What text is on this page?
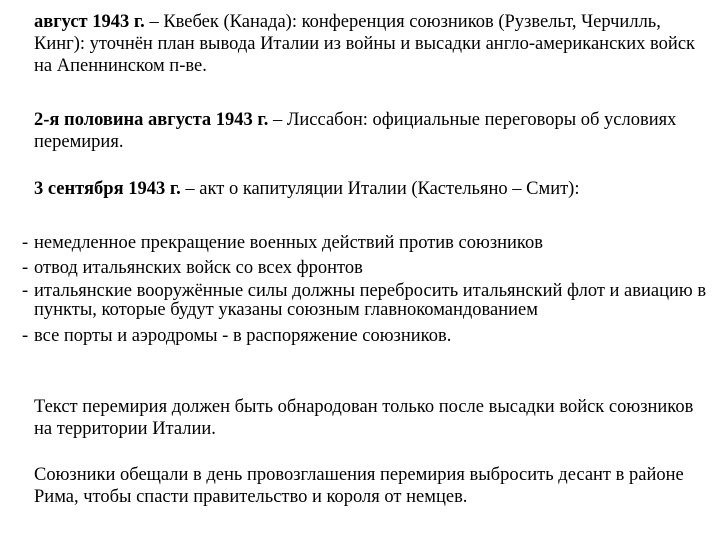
август 1943 г. – Квебек (Канада): конференция союзников (Рузвельт, Черчилль, Кинг): уточнён план вывода Италии из войны и высадки англо-американских войск на Апеннинском п-ве.

2-я половина августа 1943 г. – Лиссабон: официальные переговоры об условиях перемирия.

3 сентября 1943 г. – акт о капитуляции Италии (Кастельяно – Смит):

- немедленное прекращение военных действий против союзников
- отвод итальянских войск со всех фронтов
- итальянские вооружённые силы должны перебросить итальянский флот и авиацию в пункты, которые будут указаны союзным главнокомандованием
- все порты и аэродромы - в распоряжение союзников.

Текст перемирия должен быть обнародован только после высадки войск союзников на территории Италии.

Союзники обещали в день провозглашения перемирия выбросить десант в районе Рима, чтобы спасти правительство и короля от немцев.
